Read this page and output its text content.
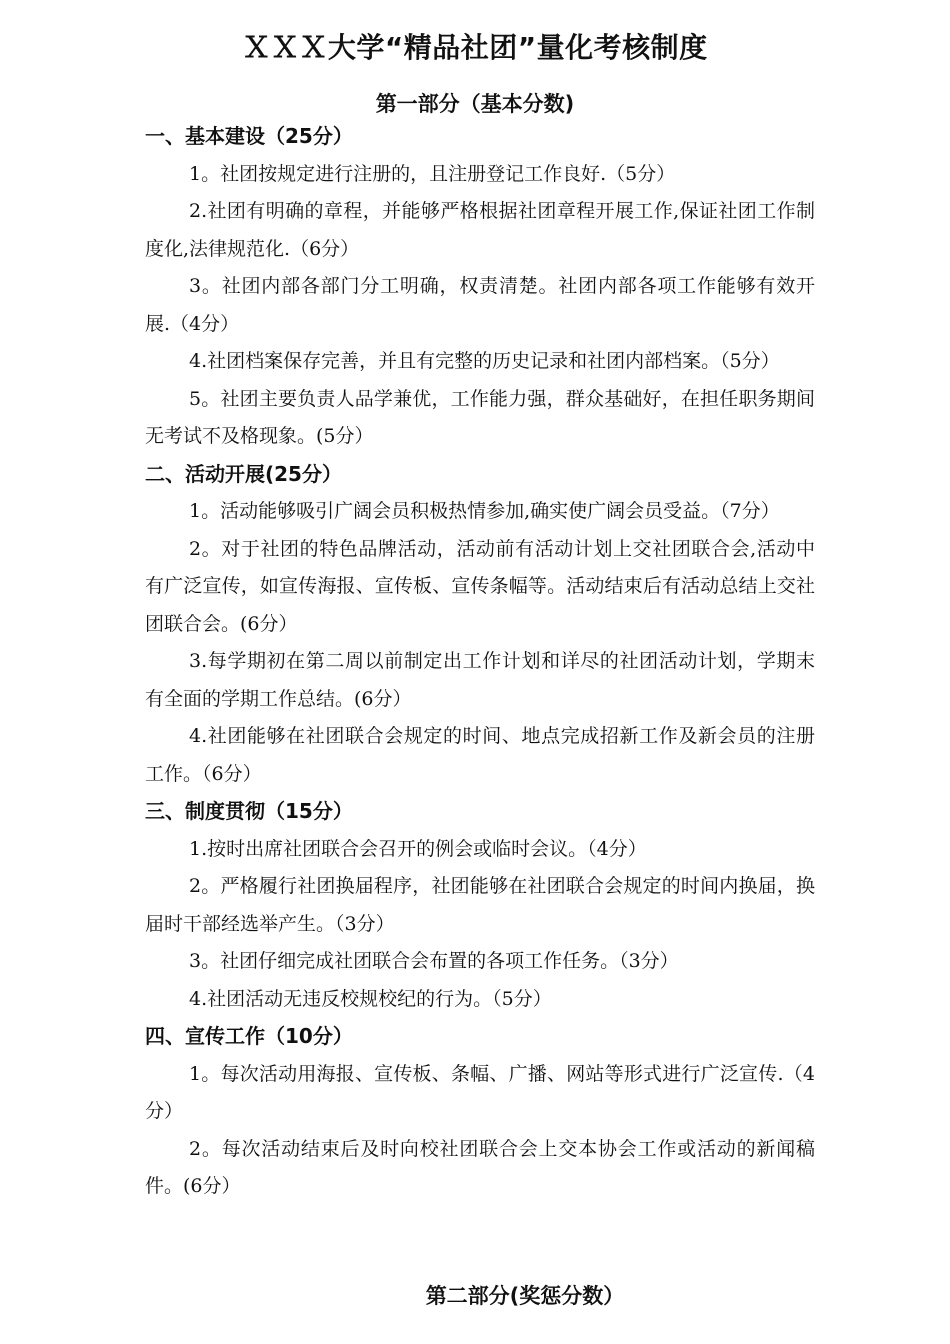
ＸＸＸ大学“精品社团”量化考核制度
第一部分（基本分数)

一、基本建设（25分）

1。社团按规定进行注册的，且注册登记工作良好.（5分）

2.社团有明确的章程，并能够严格根据社团章程开展工作,保证社团工作制度化,法律规范化.（6分）

3。社团内部各部门分工明确，权责清楚。社团内部各项工作能够有效开展.（4分）

4.社团档案保存完善，并且有完整的历史记录和社团内部档案。（5分）

5。社团主要负责人品学兼优，工作能力强，群众基础好，在担任职务期间无考试不及格现象。(5分）

二、活动开展(25分）

1。活动能够吸引广阔会员积极热情参加,确实使广阔会员受益。（7分）

2。对于社团的特色品牌活动，活动前有活动计划上交社团联合会,活动中有广泛宣传，如宣传海报、宣传板、宣传条幅等。活动结束后有活动总结上交社团联合会。(6分）

3.每学期初在第二周以前制定出工作计划和详尽的社团活动计划，学期末有全面的学期工作总结。(6分）

4.社团能够在社团联合会规定的时间、地点完成招新工作及新会员的注册工作。（6分）

三、制度贯彻（15分）

1.按时出席社团联合会召开的例会或临时会议。（4分）

2。严格履行社团换届程序，社团能够在社团联合会规定的时间内换届，换届时干部经选举产生。（3分）

3。社团仔细完成社团联合会布置的各项工作任务。（3分）

4.社团活动无违反校规校纪的行为。（5分）

四、宣传工作（10分）

1。每次活动用海报、宣传板、条幅、广播、网站等形式进行广泛宣传.（4分）

2。每次活动结束后及时向校社团联合会上交本协会工作或活动的新闻稿件。(6分）

第二部分(奖惩分数）
